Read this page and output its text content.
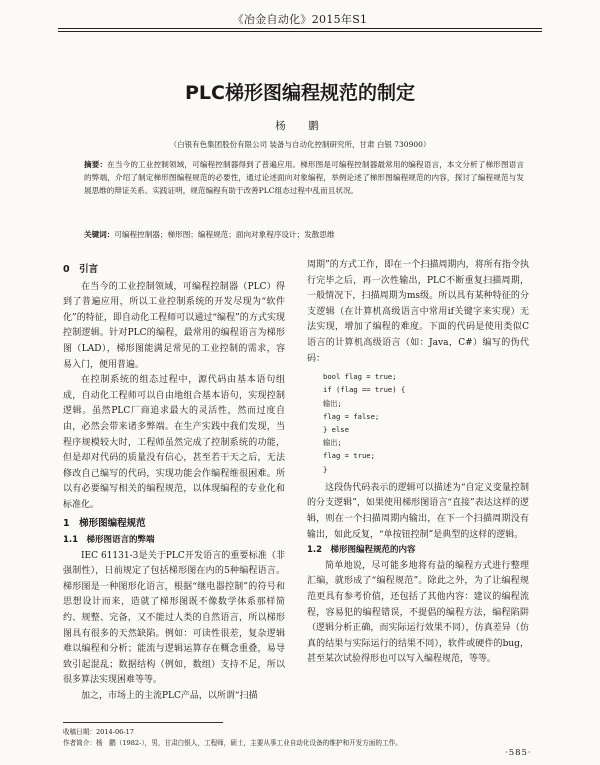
《冶金自动化》2015年S1
PLC梯形图编程规范的制定
杨　鹏
（白银有色集团股份有限公司 装备与自动化控制研究所，甘肃 白银 730900）
摘要：在当今的工业控制领域，可编程控制器得到了普遍应用。梯形图是可编程控制器最常用的编程语言，本文分析了梯形图语言的弊端，介绍了制定梯形图编程规范的必要性，通过论述面向对象编程，举例论述了梯形图编程规范的内容，探讨了编程规范与发展思维的辩证关系。实践证明，规范编程有助于改善PLC组态过程中乱而且状况。
关键词：可编程控制器；梯形图；编程规范；面向对象程序设计；发散思维
0　引言

在当今的工业控制领域，可编程控制器（PLC）得到了普遍应用，所以工业控制系统的开发尽现为“软件化”的特征，即自动化工程师可以通过“编程”的方式实现控制逻辑。针对PLC的编程，最常用的编程语言为梯形图（LAD），梯形图能满足常见的工业控制的需求，容易入门，便用普遍。

在控制系统的组态过程中，源代码由基本语句组成，自动化工程师可以自由地组合基本语句，实现控制逻辑。虽然PLC厂商追求最大的灵活性，然而过度自由，必然会带来诸多弊端。在生产实践中我们发现，当程序规模较大时，工程师虽然完成了控制系统的功能，但是却对代码的质量没有信心，甚至若干天之后，无法修改自己编写的代码，实现功能会作编程维很困难。所以有必要编写相关的编程规范，以体现编程的专业化和标准化。

1　梯形图编程规范
1.1　梯形图语言的弊端

IEC 61131-3是关于PLC开发语言的重要标准（非强制性），日前规定了包括梯形图在内的5种编程语言。梯形图是一种图形化语言，根据“继电器控制”的符号和思想设计而来，造就了梯形图既不像数学体系那样简约、规整、完备，又不能过人类的自然语言，所以梯形图具有很多的天然缺陷。例如：可读性很差，复杂逻辑难以编程和分析；能流与逻辑运算存在概念重叠，易导致引起混乱；数据结构（例如，数组）支持不足，所以很多算法实现困难等等。

加之，市场上的主流PLC产品，以所谓“扫描

周期”的方式工作，即在一个扫描周期内，将所有指令执行完毕之后，再一次性输出，PLC不断重复扫描周期，一般情况下，扫描周期为ms级。所以具有某种特征的分支逻辑（在计算机高级语言中常用if关键字来实现）无法实现，增加了编程的难度。下面的代码是使用类似C语言的计算机高级语言（如：Java，C#）编写的伪代码：

bool flag = true;
if (flag == true) {
输出;
flag = false;
} else
输出;
flag = true;
}

这段伪代码表示的逻辑可以描述为“自定义变量控制的分支逻辑”，如果使用梯形图语言“直接”表达这样的逻辑，则在一个扫描周期内输出，在下一个扫描周期没有输出，如此反复，“单按钮控制”是典型的这样的逻辑。

1.2　梯形图编程规范的内容

简单地说，尽可能多地将有益的编程方式进行整理汇编，就形成了“编程规范”。除此之外，为了让编程规范更具有参考价值，还包括了其他内容：建议的编程流程，容易犯的编程错误，不提倡的编程方法，编程陷阱（逻辑分析正确，而实际运行效果不同），仿真差异（仿真的结果与实际运行的结果不同），软件或硬件的bug，甚至某次试验得形也可以写入编程规范，等等。

收稿日期：2014-06-17
作者简介：杨　鹏（1982-），男，甘肃白银人，工程师，硕士，主要从事工业自动化设备的维护和开发方面的工作。
·585·
